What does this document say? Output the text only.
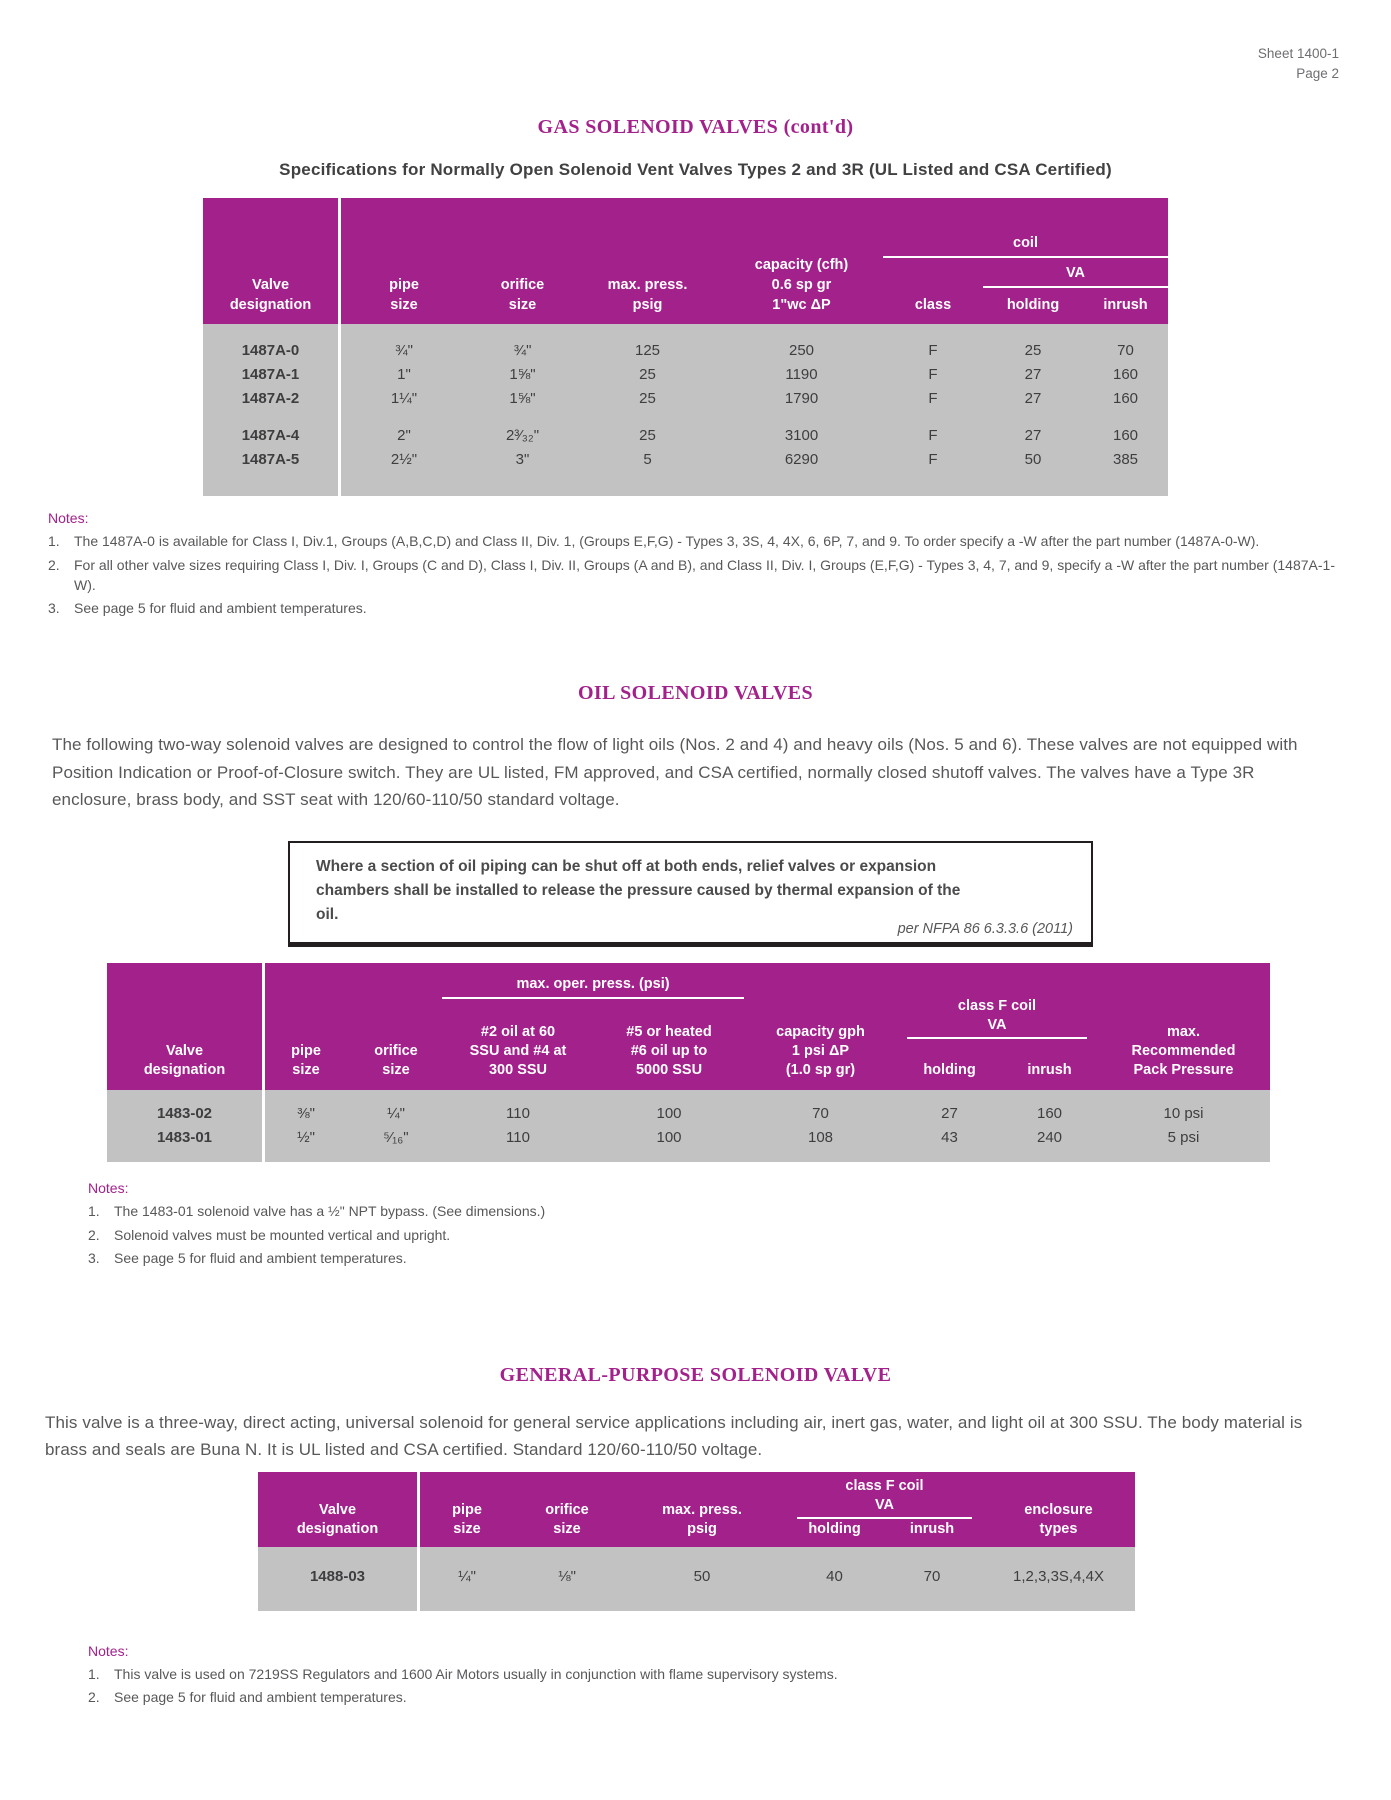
Sheet 1400-1
Page 2
GAS SOLENOID VALVES (cont'd)
Specifications for Normally Open Solenoid Vent Valves Types 2 and 3R (UL Listed and CSA Certified)
coil
VA
Valve
designation
pipe
size
orifice
size
max. press.
psig
capacity (cfh)
0.6 sp gr
1"wc ΔP	class	holding	inrush
1487A-0	¾"	¾"	125	250	F	25	70
1487A-1	1"	1⅝"	25	1190	F	27	160
1487A-2	1¼"	1⅝"	25	1790	F	27	160
1487A-4	2"	2³⁄₃₂"	25	3100	F	27	160
1487A-5	2½"	3"	5	6290	F	50	385
Notes:
1.	The 1487A-0 is available for Class I, Div.1, Groups (A,B,C,D) and Class II, Div. 1, (Groups E,F,G) - Types 3, 3S, 4, 4X, 6, 6P, 7, and 9. To order specify a -W after the part number (1487A-0-W).
2.	For all other valve sizes requiring Class I, Div. I, Groups (C and D), Class I, Div. II, Groups (A and B), and Class II, Div. I, Groups (E,F,G) - Types 3, 4, 7, and 9, specify a -W after the part number (1487A-1-W).
3.	See page 5 for fluid and ambient temperatures.
OIL SOLENOID VALVES
The following two-way solenoid valves are designed to control the flow of light oils (Nos. 2 and 4) and heavy oils (Nos. 5 and 6). These valves are not equipped with Position Indication or Proof-of-Closure switch. They are UL listed, FM approved, and CSA certified, normally closed shutoff valves. The valves have a Type 3R enclosure, brass body, and SST seat with 120/60-110/50 standard voltage.
Where a section of oil piping can be shut off at both ends, relief valves or expansion chambers shall be installed to release the pressure caused by thermal expansion of the oil.
per NFPA 86 6.3.3.6 (2011)
max. oper. press. (psi)
class F coil
VA
Valve
designation
pipe
size
orifice
size
#2 oil at 60
SSU and #4 at
300 SSU
#5 or heated
#6 oil up to
5000 SSU
capacity gph
1 psi ΔP
(1.0 sp gr)	holding	inrush
max.
Recommended
Pack Pressure
1483-02	⅜"	¼"	110	100	70	27	160	10 psi
1483-01	½"	⁵⁄₁₆"	110	100	108	43	240	5 psi
Notes:
1.	The 1483-01 solenoid valve has a ½" NPT bypass. (See dimensions.)
2.	Solenoid valves must be mounted vertical and upright.
3.	See page 5 for fluid and ambient temperatures.
GENERAL-PURPOSE SOLENOID VALVE
This valve is a three-way, direct acting, universal solenoid for general service applications including air, inert gas, water, and light oil at 300 SSU. The body material is brass and seals are Buna N. It is UL listed and CSA certified. Standard 120/60-110/50 voltage.
class F coil
VA
Valve
designation
pipe
size
orifice
size
max. press.
psig	holding	inrush
enclosure
types
1488-03	¼"	⅛"	50	40	70	1,2,3,3S,4,4X
Notes:
1.	This valve is used on 7219SS Regulators and 1600 Air Motors usually in conjunction with flame supervisory systems.
2.	See page 5 for fluid and ambient temperatures.
